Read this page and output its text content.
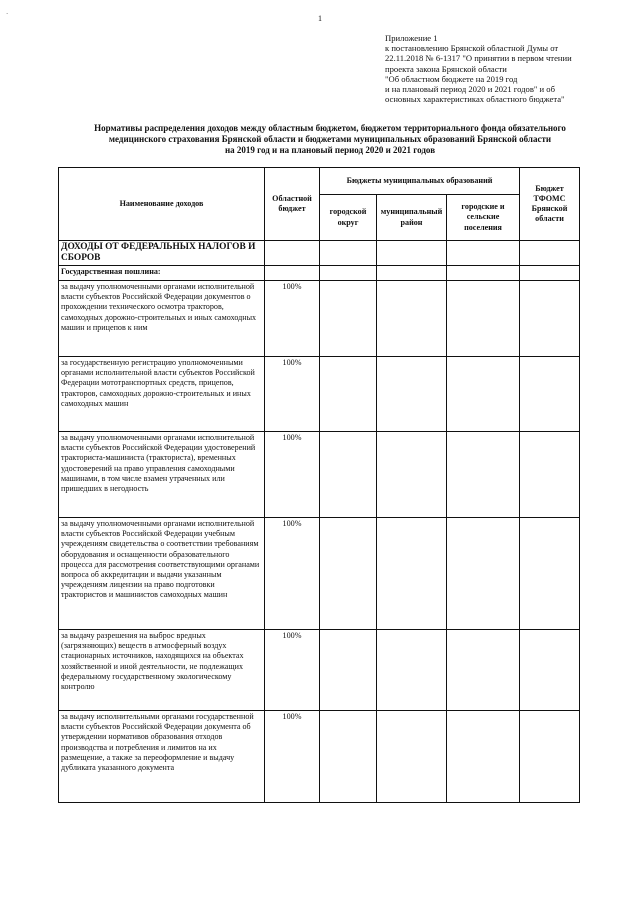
1
Приложение 1
к постановлению Брянской областной Думы от
22.11.2018 № 6-1317 "О принятии в первом чтении
проекта закона Брянской области
"Об областном бюджете на 2019 год
и на плановый период 2020 и 2021 годов" и об
основных характеристиках областного бюджета"
Нормативы распределения доходов между областным бюджетом, бюджетом территориального фонда обязательного
медицинского страхования Брянской области и бюджетами муниципальных образований Брянской области
на 2019 год и на плановый период 2020 и 2021 годов
`
Наименование доходов	Областной бюджет	Бюджеты муниципальных образований			Бюджет ТФОМС Брянской области
		городской округ	муниципальный район	городские и сельские поселения	
ДОХОДЫ ОТ ФЕДЕРАЛЬНЫХ НАЛОГОВ И СБОРОВ					
Государственная пошлина:					
за выдачу уполномоченными органами исполнительной власти субъектов Российской Федерации документов о прохождении технического осмотра тракторов, самоходных дорожно-строительных и иных самоходных машин и прицепов к ним	100%				
за государственную регистрацию уполномоченными органами исполнительной власти субъектов Российской Федерации мототранспортных средств, прицепов, тракторов, самоходных дорожно-строительных и иных самоходных машин	100%				
за выдачу уполномоченными органами исполнительной власти субъектов Российской Федерации удостоверений тракториста-машиниста (тракториста), временных удостоверений на право управления самоходными машинами, в том числе взамен утраченных или пришедших в негодность	100%				
за выдачу уполномоченными органами исполнительной власти субъектов Российской Федерации учебным учреждениям свидетельства о соответствии требованиям оборудования и оснащенности образовательного процесса для рассмотрения соответствующими органами вопроса об аккредитации и выдачи указанным учреждениям лицензии на право подготовки трактористов и машинистов самоходных машин	100%				
за выдачу разрешения на выброс вредных (загрязняющих) веществ в атмосферный воздух стационарных источников, находящихся на объектах хозяйственной и иной деятельности, не подлежащих федеральному государственному экологическому контролю	100%				
за выдачу исполнительными органами государственной власти субъектов Российской Федерации документа об утверждении нормативов образования отходов производства и потребления и лимитов на их размещение, а также за переоформление и выдачу дубликата указанного документа	100%				
